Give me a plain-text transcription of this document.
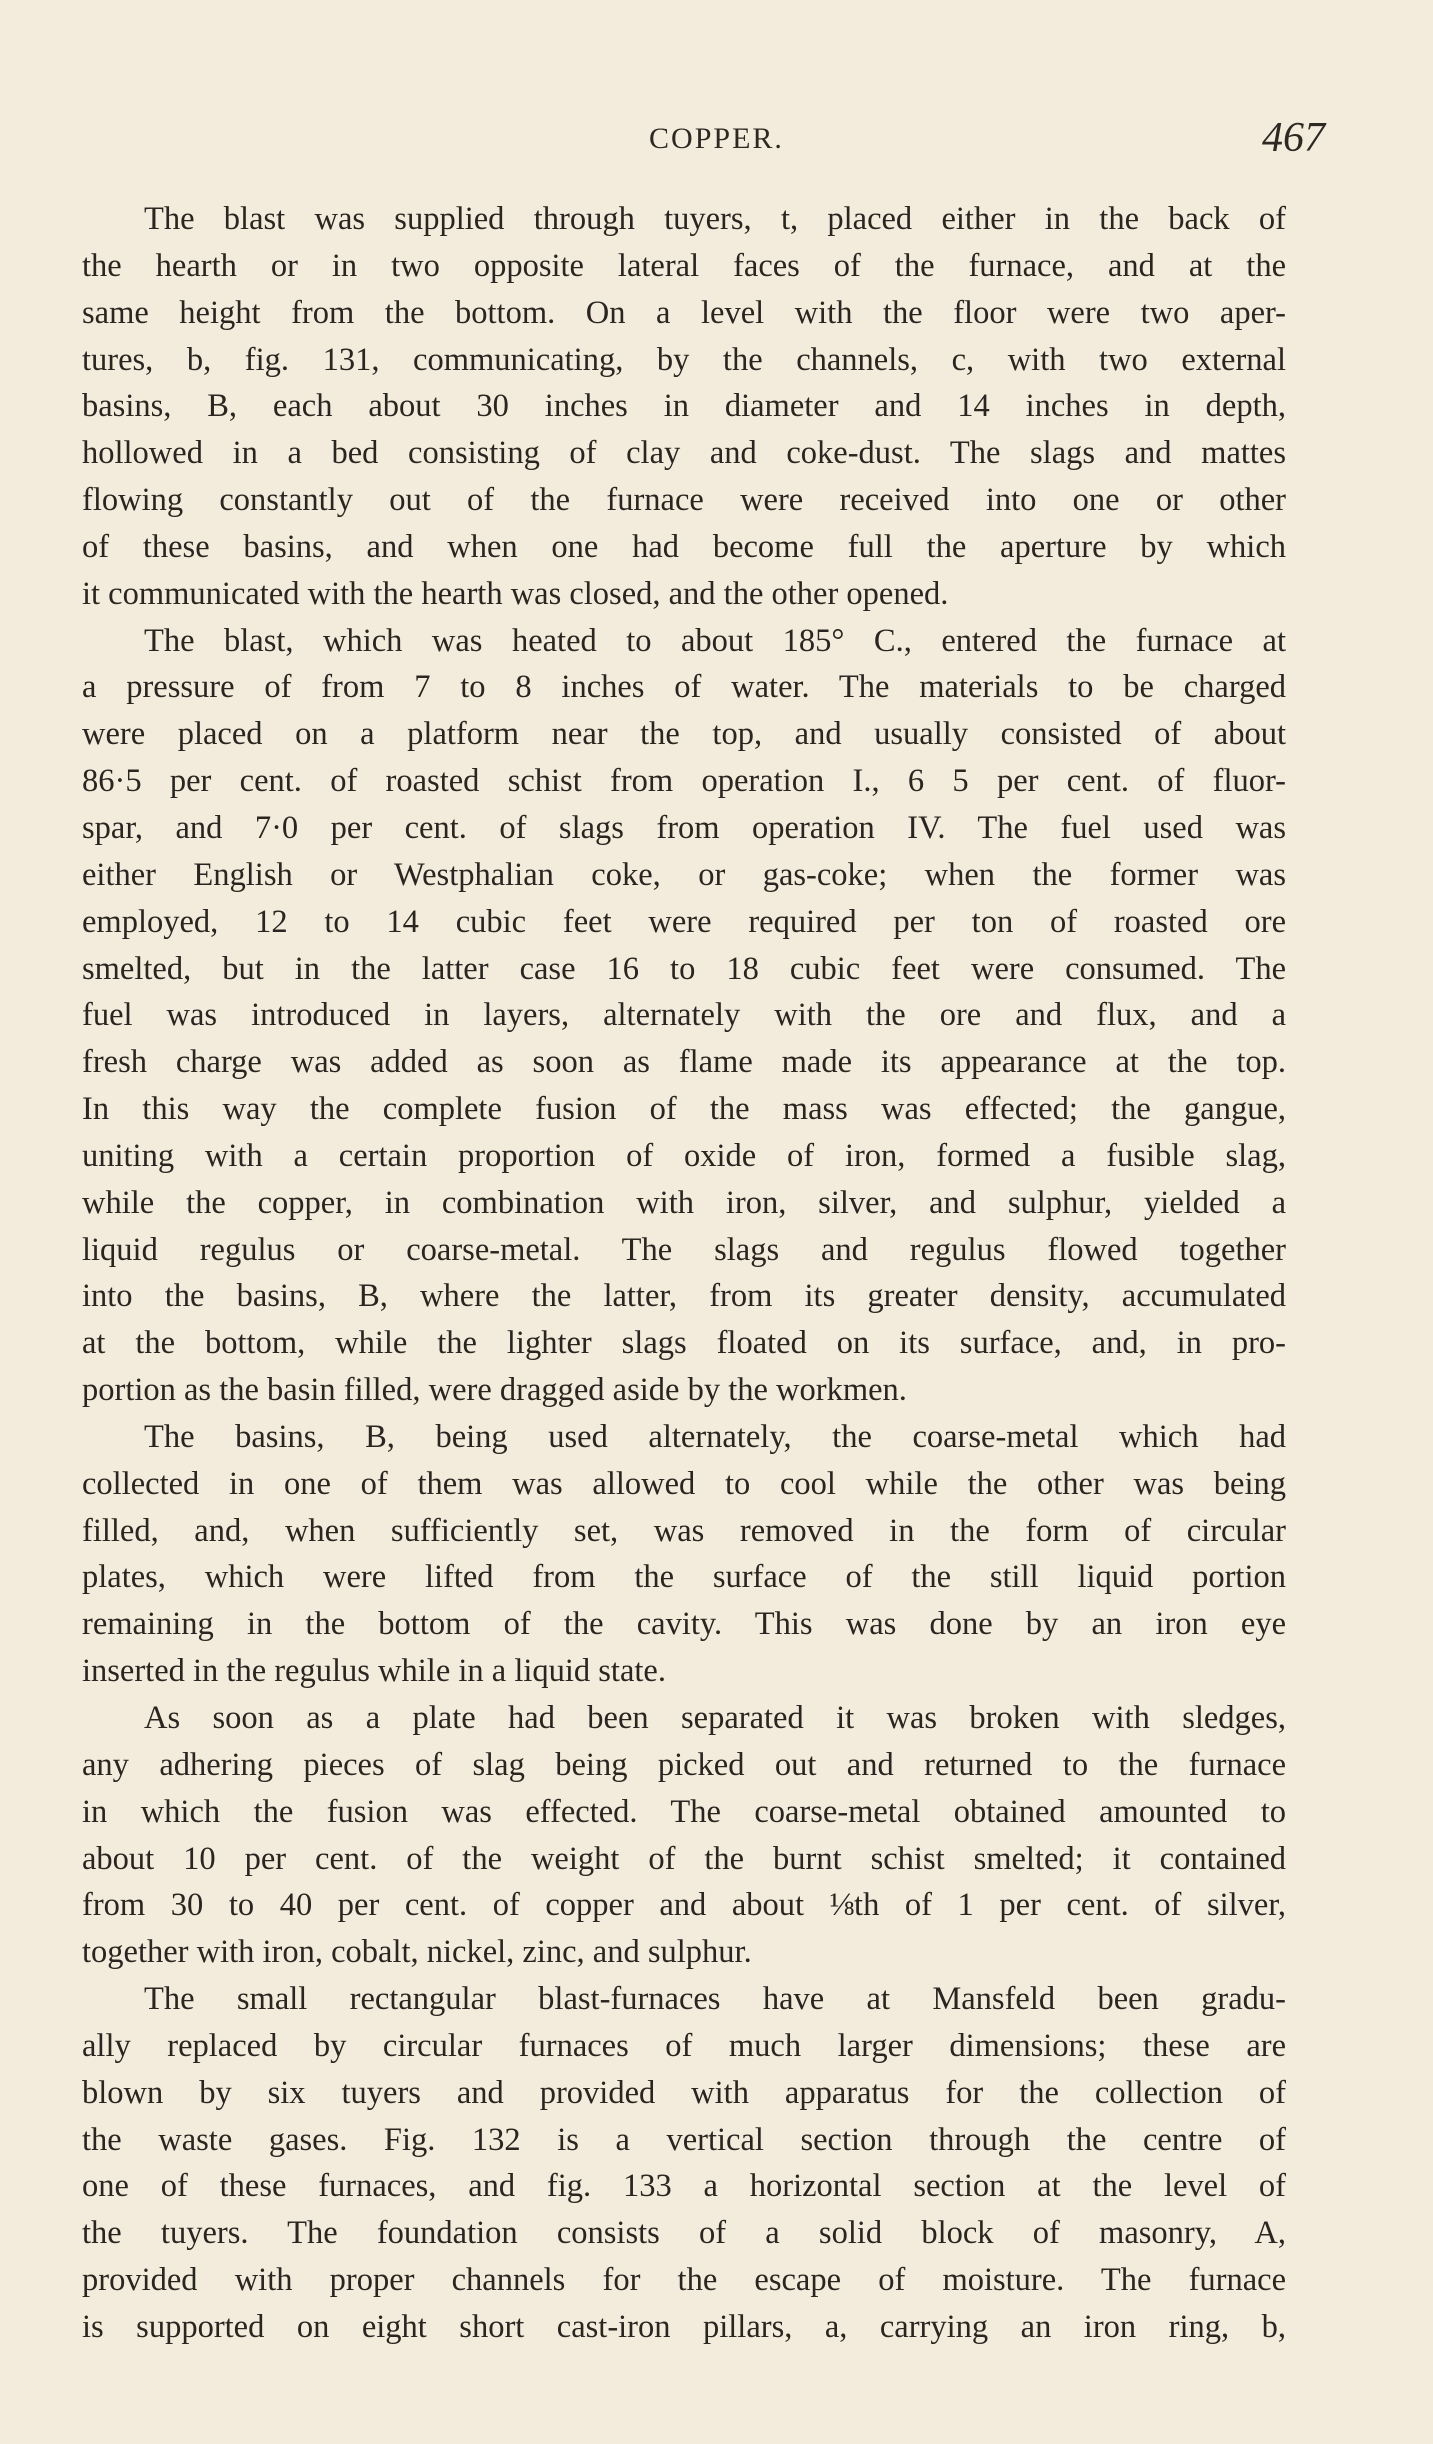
COPPER.	467
The blast was supplied through tuyers, t, placed either in the back of
the hearth or in two opposite lateral faces of the furnace, and at the
same height from the bottom. On a level with the floor were two aper-
tures, b, fig. 131, communicating, by the channels, c, with two external
basins, B, each about 30 inches in diameter and 14 inches in depth,
hollowed in a bed consisting of clay and coke-dust. The slags and mattes
flowing constantly out of the furnace were received into one or other
of these basins, and when one had become full the aperture by which
it communicated with the hearth was closed, and the other opened.
The blast, which was heated to about 185° C., entered the furnace at
a pressure of from 7 to 8 inches of water. The materials to be charged
were placed on a platform near the top, and usually consisted of about
86·5 per cent. of roasted schist from operation I., 6 5 per cent. of fluor-
spar, and 7·0 per cent. of slags from operation IV. The fuel used was
either English or Westphalian coke, or gas-coke; when the former was
employed, 12 to 14 cubic feet were required per ton of roasted ore
smelted, but in the latter case 16 to 18 cubic feet were consumed. The
fuel was introduced in layers, alternately with the ore and flux, and a
fresh charge was added as soon as flame made its appearance at the top.
In this way the complete fusion of the mass was effected; the gangue,
uniting with a certain proportion of oxide of iron, formed a fusible slag,
while the copper, in combination with iron, silver, and sulphur, yielded a
liquid regulus or coarse-metal. The slags and regulus flowed together
into the basins, B, where the latter, from its greater density, accumulated
at the bottom, while the lighter slags floated on its surface, and, in pro-
portion as the basin filled, were dragged aside by the workmen.
The basins, B, being used alternately, the coarse-metal which had
collected in one of them was allowed to cool while the other was being
filled, and, when sufficiently set, was removed in the form of circular
plates, which were lifted from the surface of the still liquid portion
remaining in the bottom of the cavity. This was done by an iron eye
inserted in the regulus while in a liquid state.
As soon as a plate had been separated it was broken with sledges,
any adhering pieces of slag being picked out and returned to the furnace
in which the fusion was effected. The coarse-metal obtained amounted to
about 10 per cent. of the weight of the burnt schist smelted; it contained
from 30 to 40 per cent. of copper and about ⅛th of 1 per cent. of silver,
together with iron, cobalt, nickel, zinc, and sulphur.
The small rectangular blast-furnaces have at Mansfeld been gradu-
ally replaced by circular furnaces of much larger dimensions; these are
blown by six tuyers and provided with apparatus for the collection of
the waste gases. Fig. 132 is a vertical section through the centre of
one of these furnaces, and fig. 133 a horizontal section at the level of
the tuyers. The foundation consists of a solid block of masonry, A,
provided with proper channels for the escape of moisture. The furnace
is supported on eight short cast-iron pillars, a, carrying an iron ring, b,
